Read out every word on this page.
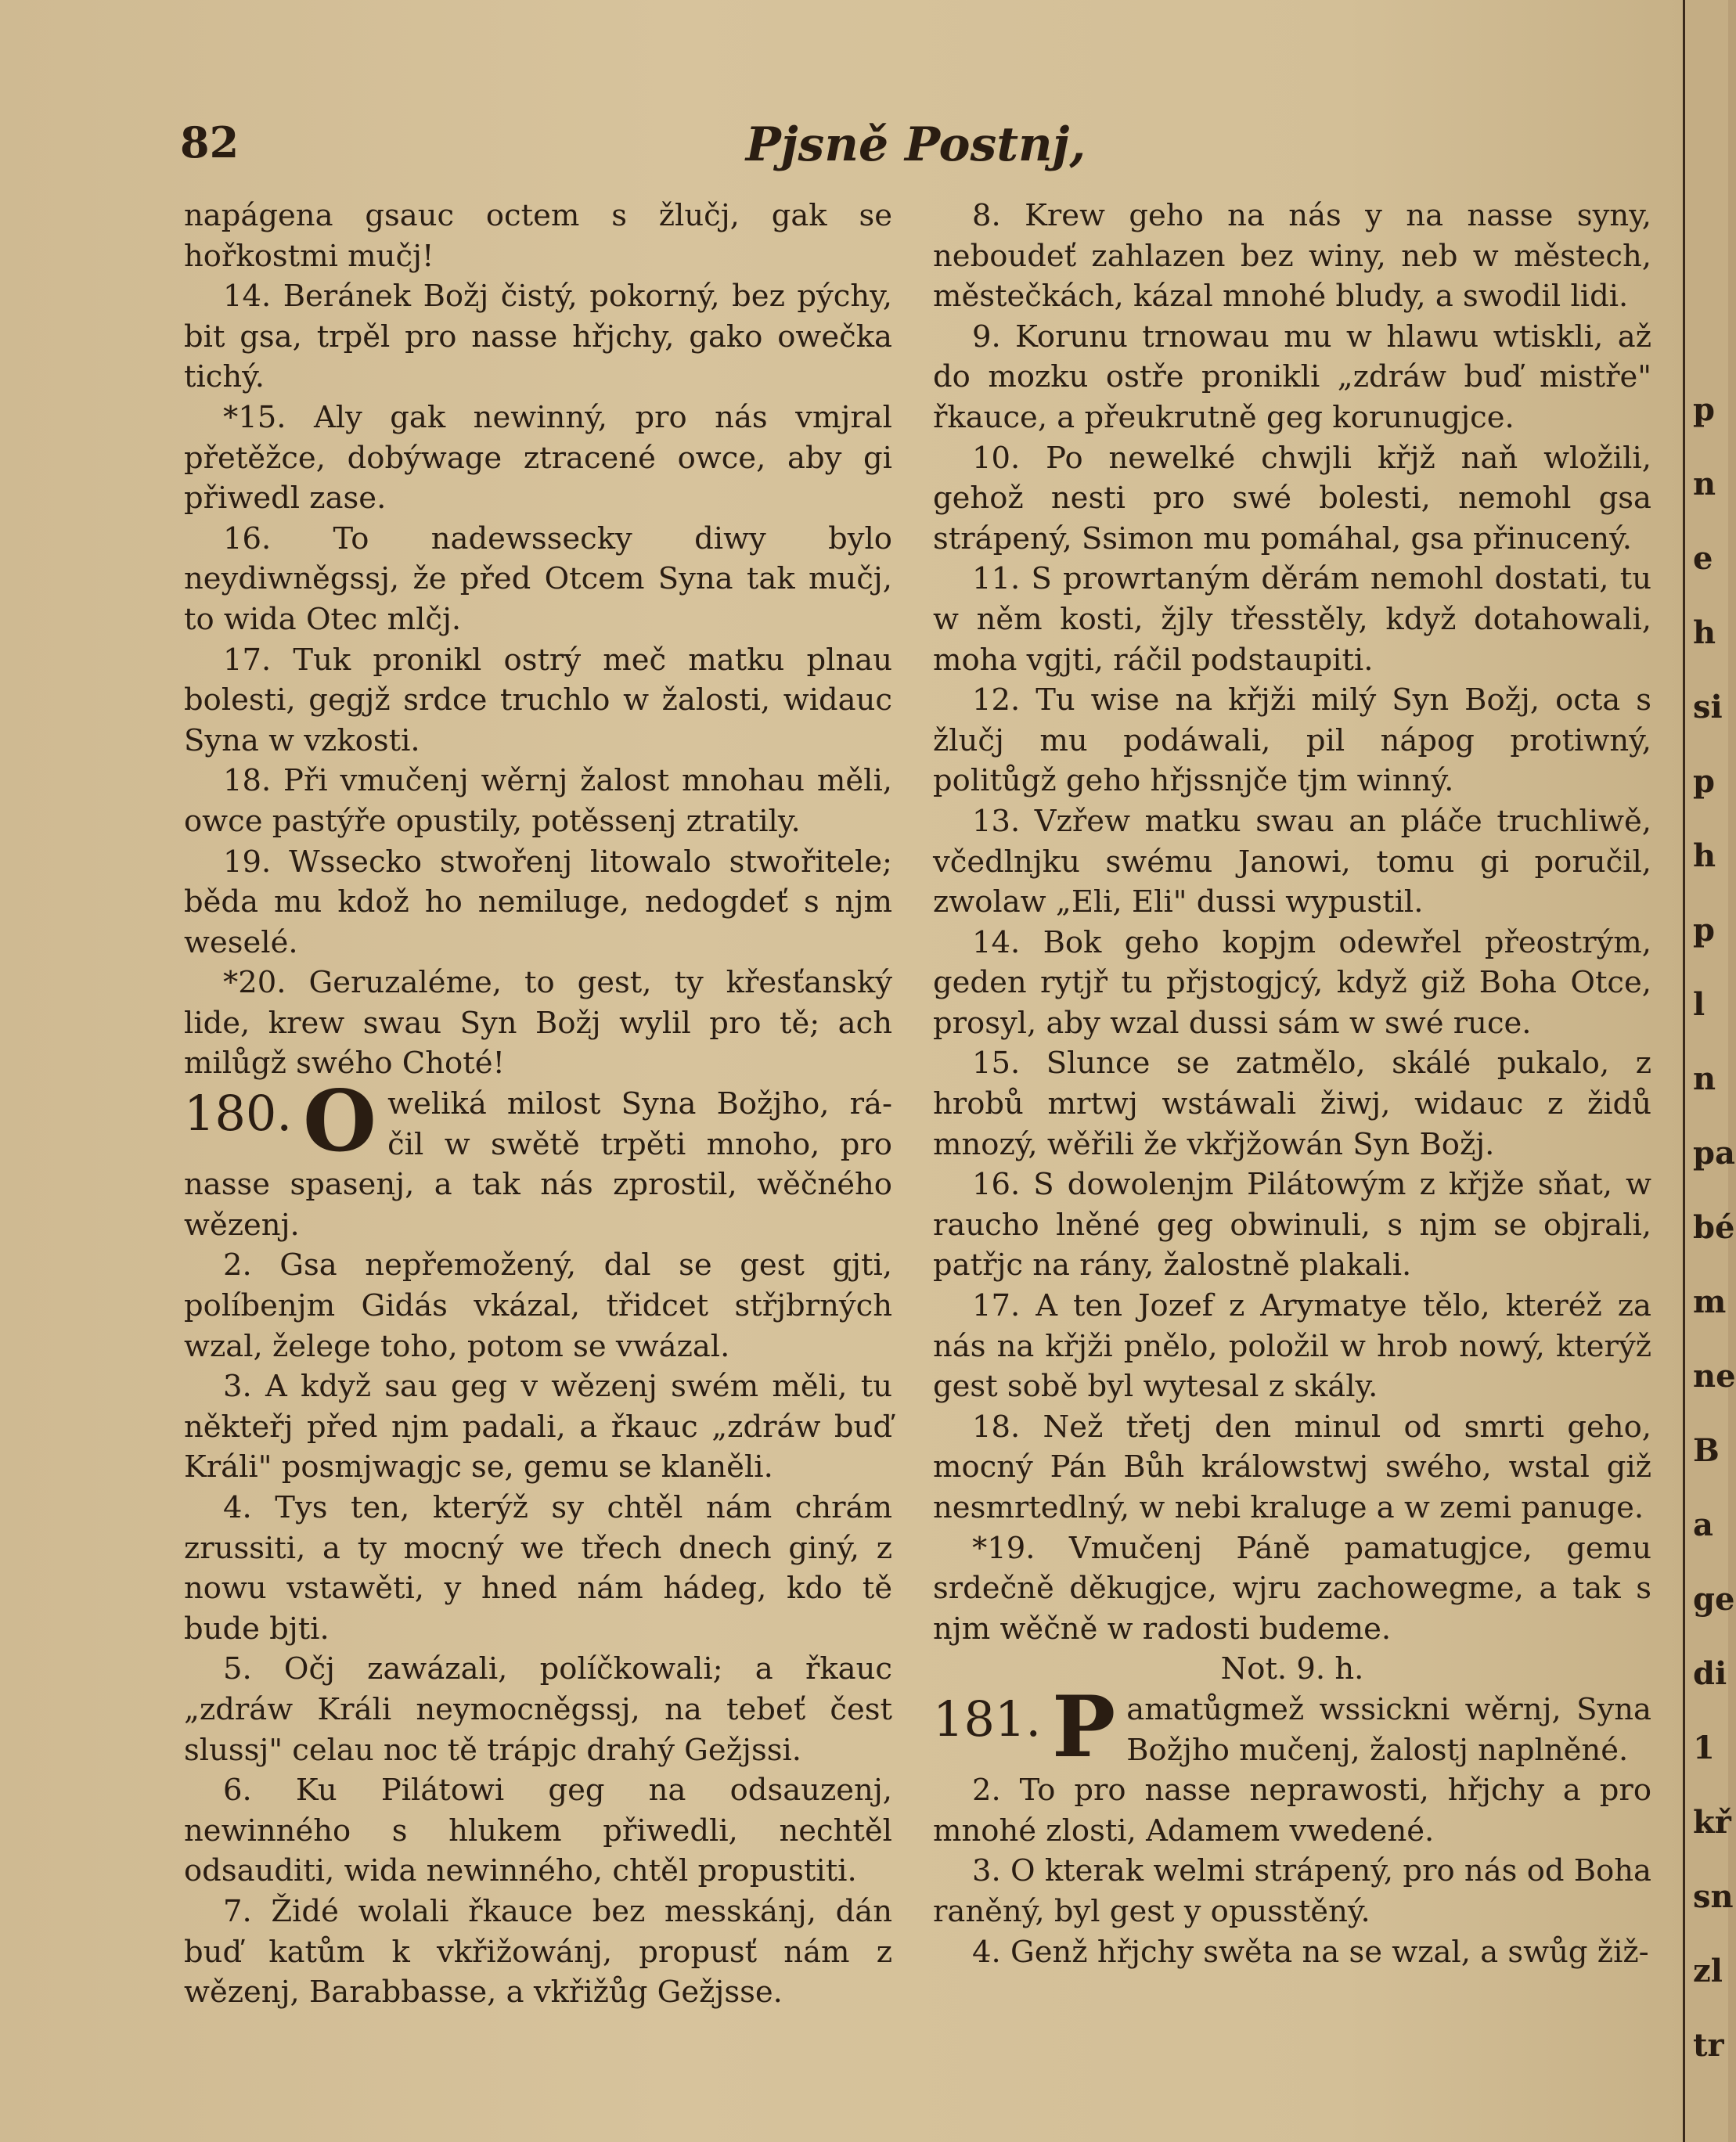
82	Pjsně Postnj,

napágena gsauc octem s žlučj, gak se hořkostmi mučj!

14. Beránek Božj čistý, pokorný, bez pýchy, bit gsa, trpěl pro nasse hřjchy, gako owečka tichý.

*15. Aly gak newinný, pro nás vmjral přetěžce, dobýwage ztracené owce, aby gi přiwedl zase.

16. To nadewssecky diwy bylo neydiwněgssj, že před Otcem Syna tak mučj, to wida Otec mlčj.

17. Tuk pronikl ostrý meč matku plnau bolesti, gegjž srdce truchlo w žalosti, widauc Syna w vzkosti.

18. Při vmučenj wěrnj žalost mnohau měli, owce pastýře opustily, potěssenj ztratily.

19. Wssecko stwořenj litowalo stwořitele; běda mu kdož ho nemiluge, nedogdeť s njm weselé.

*20. Geruzaléme, to gest, ty křesťanský lide, krew swau Syn Božj wylil pro tě; ach milůgž swého Choté!

180. O weliká milost Syna Božjho, rá- čil w swětě trpěti mnoho, pro nasse spasenj, a tak nás zprostil, wěčného wězenj.

2. Gsa nepřemožený, dal se gest gjti, políbenjm Gidás vkázal, třidcet střjbrných wzal, želege toho, potom se vwázal.

3. A když sau geg v wězenj swém měli, tu někteřj před njm padali, a řkauc „zdráw buď Králi" posmjwagjc se, gemu se klaněli.

4. Tys ten, kterýž sy chtěl nám chrám zrussiti, a ty mocný we třech dnech giný, z nowu vstawěti, y hned nám hádeg, kdo tě bude bjti.

5. Očj zawázali, políčkowali; a řkauc „zdráw Králi neymocněgssj, na tebeť čest slussj" celau noc tě trápjc drahý Gežjssi.

6. Ku Pilátowi geg na odsauzenj, newinného s hlukem přiwedli, nechtěl odsauditi, wida newinného, chtěl propustiti.

7. Židé wolali řkauce bez messkánj, dán buď katům k vkřižowánj, propusť nám z wězenj, Barabbasse, a vkřižůg Gežjsse.

8. Krew geho na nás y na nasse syny, neboudeť zahlazen bez winy, neb w městech, městečkách, kázal mnohé bludy, a swodil lidi.

9. Korunu trnowau mu w hlawu wtiskli, až do mozku ostře pronikli „zdráw buď mistře" řkauce, a přeukrutně geg korunugjce.

10. Po newelké chwjli křjž naň wložili, gehož nesti pro swé bolesti, nemohl gsa strápený, Ssimon mu pomáhal, gsa přinucený.

11. S prowrtaným děrám nemohl dostati, tu w něm kosti, žjly třesstěly, když dotahowali, moha vgjti, ráčil podstaupiti.

12. Tu wise na křjži milý Syn Božj, octa s žlučj mu podáwali, pil nápog protiwný, politůgž geho hřjssnjče tjm winný.

13. Vzřew matku swau an pláče truchliwě, včedlnjku swému Janowi, tomu gi poručil, zwolaw „Eli, Eli" dussi wypustil.

14. Bok geho kopjm odewřel přeostrým, geden rytjř tu přjstogjcý, když giž Boha Otce, prosyl, aby wzal dussi sám w swé ruce.

15. Slunce se zatmělo, skálé pukalo, z hrobů mrtwj wstáwali žiwj, widauc z židů mnozý, wěřili že vkřjžowán Syn Božj.

16. S dowolenjm Pilátowým z křjže sňat, w raucho lněné geg obwinuli, s njm se objrali, patřjc na rány, žalostně plakali.

17. A ten Jozef z Arymatye tělo, kteréž za nás na křjži pnělo, položil w hrob nowý, kterýž gest sobě byl wytesal z skály.

18. Než třetj den minul od smrti geho, mocný Pán Bůh králowstwj swého, wstal giž nesmrtedlný, w nebi kraluge a w zemi panuge.

*19. Vmučenj Páně pamatugjce, gemu srdečně děkugjce, wjru zachowegme, a tak s njm wěčně w radosti budeme.

Not. 9. h.

181. P amatůgmež wssickni wěrnj, Syna Božjho mučenj, žalostj naplněné.

2. To pro nasse neprawosti, hřjchy a pro mnohé zlosti, Adamem vwedené.

3. O kterak welmi strápený, pro nás od Boha raněný, byl gest y opusstěný.

4. Genž hřjchy swěta na se wzal, a swůg žiž-

p
n
e
h
si
p
h
p
l
n
pa
bé
m
ne
B
a
ge
di
1
kř
sn
zl
tr
